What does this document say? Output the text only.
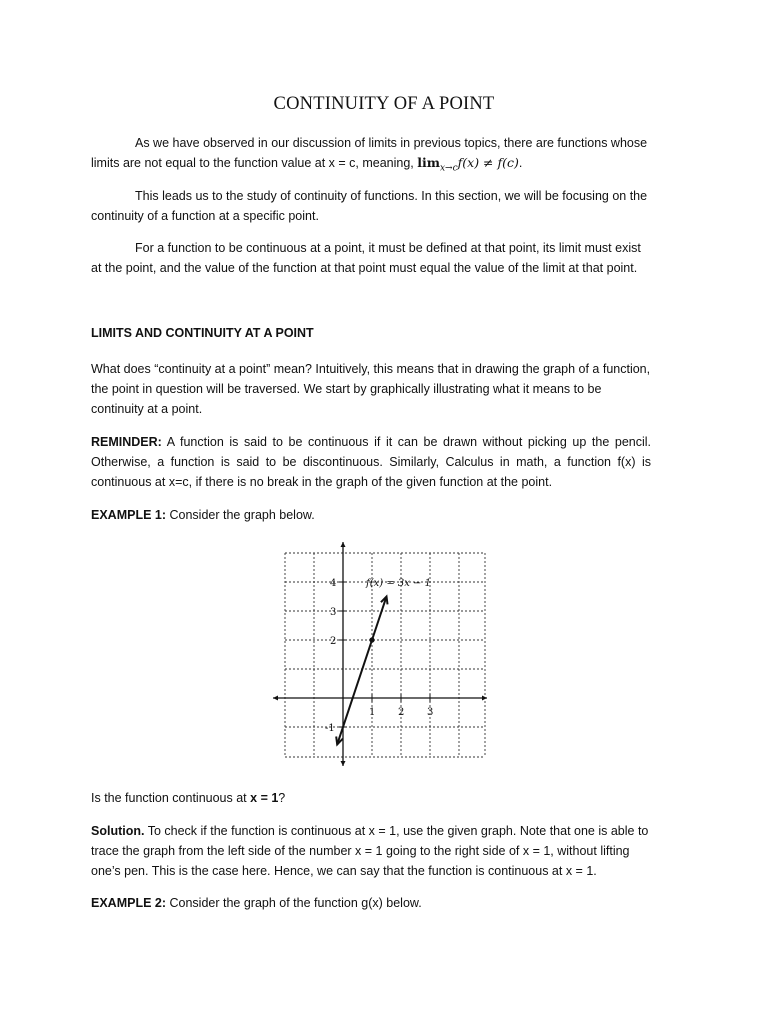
CONTINUITY OF A POINT

As we have observed in our discussion of limits in previous topics, there are functions whose limits are not equal to the function value at x = c, meaning, $\lim_{x\to c}f(x) \ne f(c)$.

This leads us to the study of continuity of functions. In this section, we will be focusing on the continuity of a function at a specific point.

For a function to be continuous at a point, it must be defined at that point, its limit must exist at the point, and the value of the function at that point must equal the value of the limit at that point.

LIMITS AND CONTINUITY AT A POINT

What does “continuity at a point” mean? Intuitively, this means that in drawing the graph of a function, the point in question will be traversed. We start by graphically illustrating what it means to be continuity at a point.

REMINDER: A function is said to be continuous if it can be drawn without picking up the pencil. Otherwise, a function is said to be discontinuous. Similarly, Calculus in math, a function f(x) is continuous at x=c, if there is no break in the graph of the given function at the point.

EXAMPLE 1: Consider the graph below.

1 2 3
4
3
2
-1
f(x) = 3x − 1

Is the function continuous at x = 1?

Solution. To check if the function is continuous at x = 1, use the given graph. Note that one is able to trace the graph from the left side of the number x = 1 going to the right side of x = 1, without lifting one’s pen. This is the case here. Hence, we can say that the function is continuous at x = 1.

EXAMPLE 2: Consider the graph of the function g(x) below.
